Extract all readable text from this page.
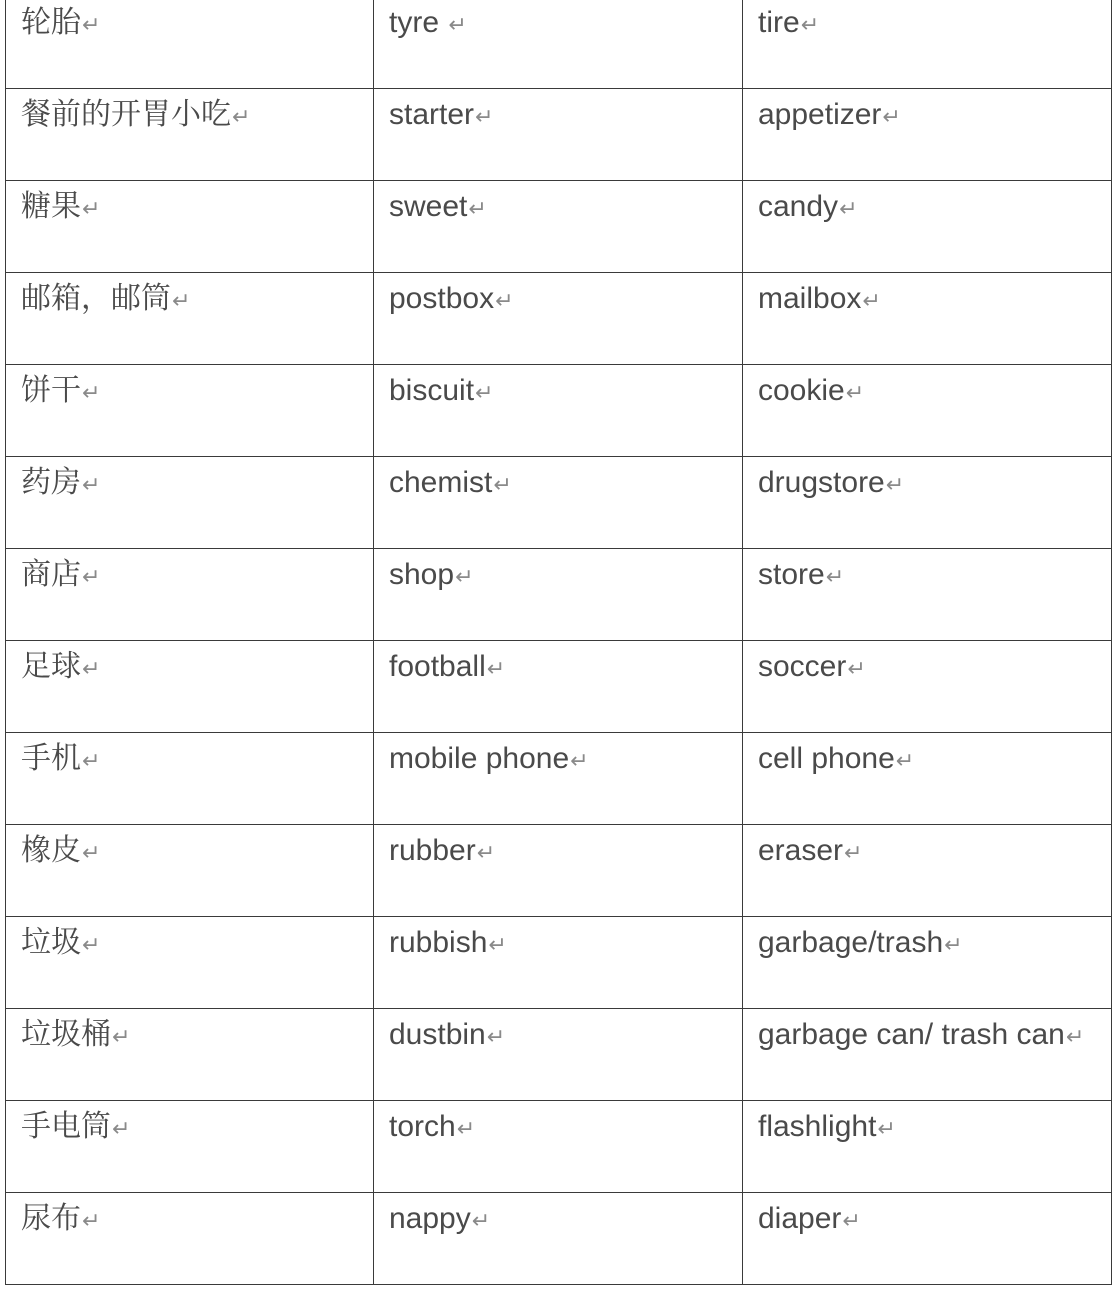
轮胎↵	tyre ↵	tire↵
餐前的开胃小吃↵	starter↵	appetizer↵
糖果↵	sweet↵	candy↵
邮箱，邮筒↵	postbox↵	mailbox↵
饼干↵	biscuit↵	cookie↵
药房↵	chemist↵	drugstore↵
商店↵	shop↵	store↵
足球↵	football↵	soccer↵
手机↵	mobile phone↵	cell phone↵
橡皮↵	rubber↵	eraser↵
垃圾↵	rubbish↵	garbage/trash↵
垃圾桶↵	dustbin↵	garbage can/ trash can↵
手电筒↵	torch↵	flashlight↵
尿布↵	nappy↵	diaper↵
